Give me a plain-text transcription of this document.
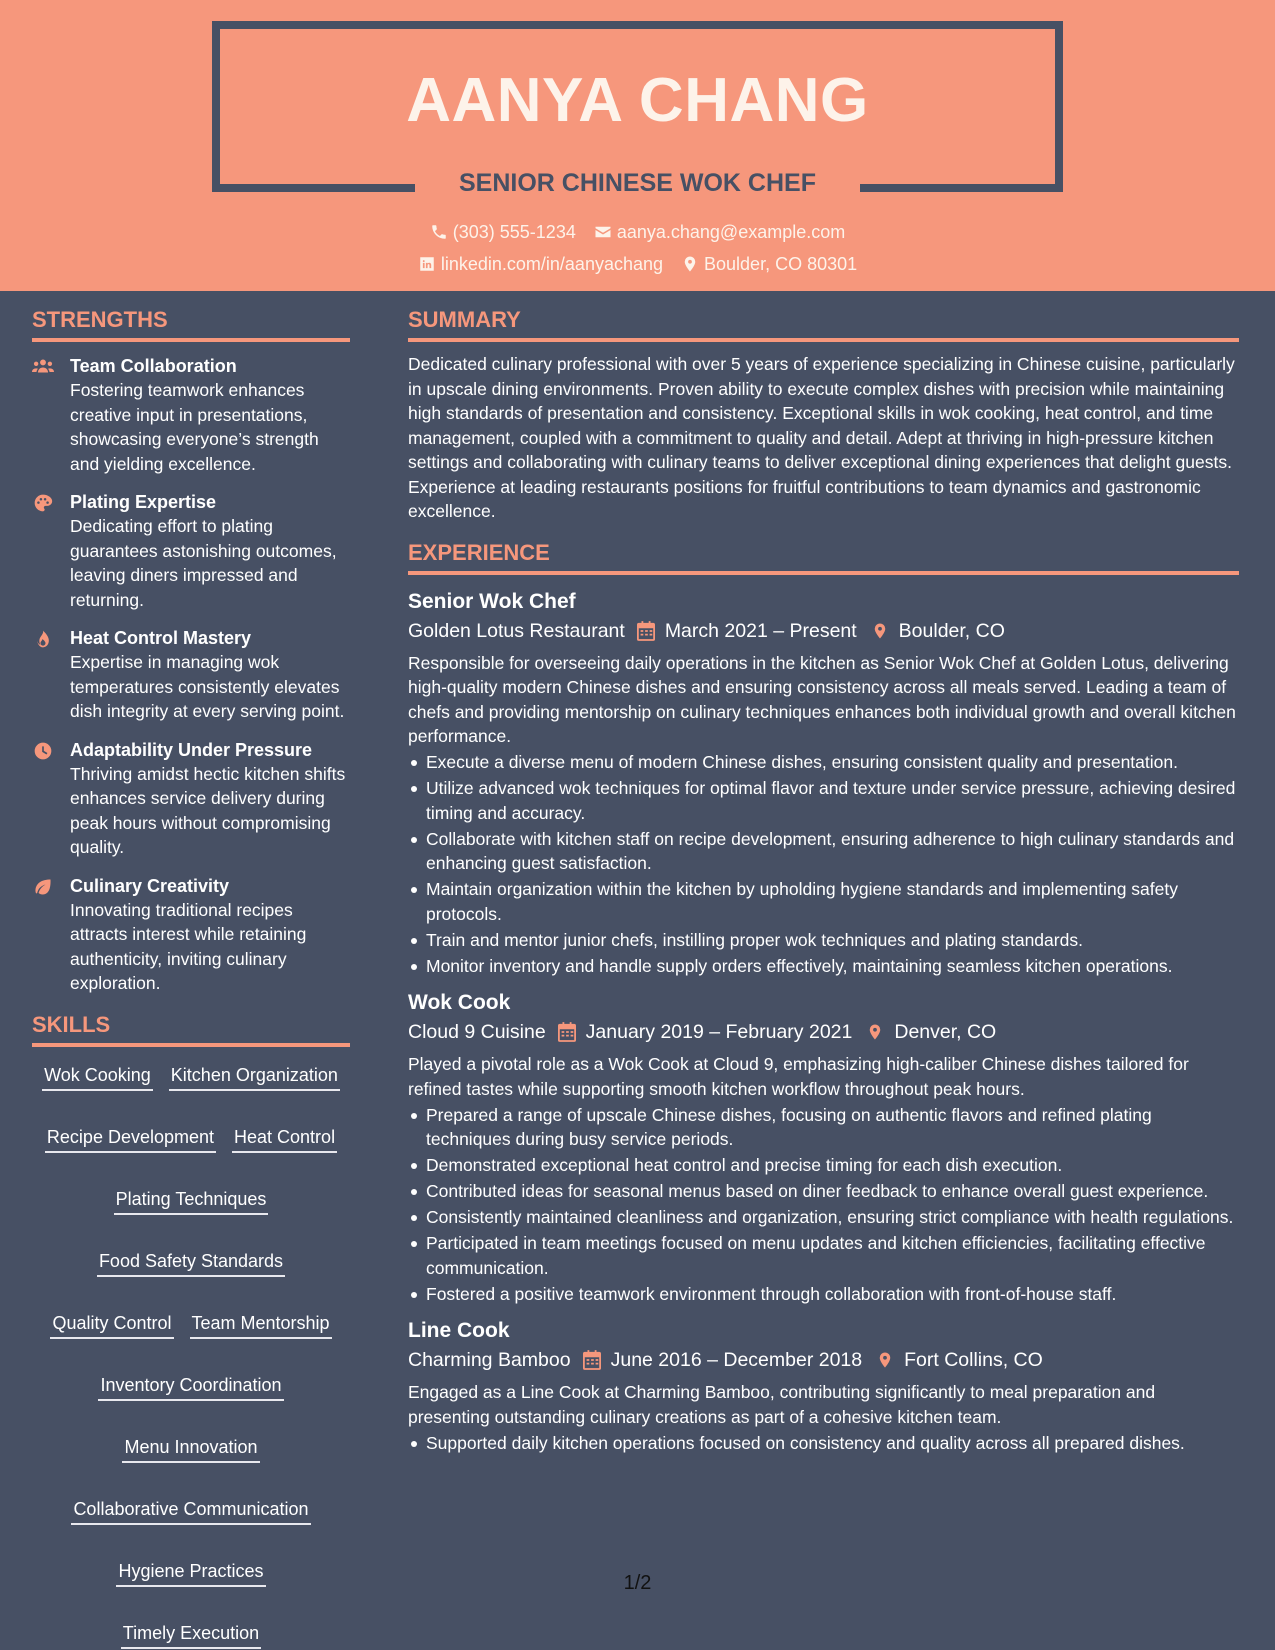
AANYA CHANG
SENIOR CHINESE WOK CHEF
(303) 555-1234 aanya.chang@example.com
linkedin.com/in/aanyachang Boulder, CO 80301
STRENGTHS
Team Collaboration
Fostering teamwork enhances creative input in presentations, showcasing everyone’s strength and yielding excellence.
Plating Expertise
Dedicating effort to plating guarantees astonishing outcomes, leaving diners impressed and returning.
Heat Control Mastery
Expertise in managing wok temperatures consistently elevates dish integrity at every serving point.
Adaptability Under Pressure
Thriving amidst hectic kitchen shifts enhances service delivery during peak hours without compromising quality.
Culinary Creativity
Innovating traditional recipes attracts interest while retaining authenticity, inviting culinary exploration.
SKILLS
Wok Cooking Kitchen Organization
Recipe Development Heat Control
Plating Techniques
Food Safety Standards
Quality Control Team Mentorship
Inventory Coordination
Menu Innovation
Collaborative Communication
Hygiene Practices
Timely Execution
SUMMARY
Dedicated culinary professional with over 5 years of experience specializing in Chinese cuisine, particularly in upscale dining environments. Proven ability to execute complex dishes with precision while maintaining high standards of presentation and consistency. Exceptional skills in wok cooking, heat control, and time management, coupled with a commitment to quality and detail. Adept at thriving in high-pressure kitchen settings and collaborating with culinary teams to deliver exceptional dining experiences that delight guests. Experience at leading restaurants positions for fruitful contributions to team dynamics and gastronomic excellence.
EXPERIENCE
Senior Wok Chef
Golden Lotus Restaurant March 2021 – Present Boulder, CO
Responsible for overseeing daily operations in the kitchen as Senior Wok Chef at Golden Lotus, delivering high-quality modern Chinese dishes and ensuring consistency across all meals served. Leading a team of chefs and providing mentorship on culinary techniques enhances both individual growth and overall kitchen performance.
Execute a diverse menu of modern Chinese dishes, ensuring consistent quality and presentation.
Utilize advanced wok techniques for optimal flavor and texture under service pressure, achieving desired timing and accuracy.
Collaborate with kitchen staff on recipe development, ensuring adherence to high culinary standards and enhancing guest satisfaction.
Maintain organization within the kitchen by upholding hygiene standards and implementing safety protocols.
Train and mentor junior chefs, instilling proper wok techniques and plating standards.
Monitor inventory and handle supply orders effectively, maintaining seamless kitchen operations.
Wok Cook
Cloud 9 Cuisine January 2019 – February 2021 Denver, CO
Played a pivotal role as a Wok Cook at Cloud 9, emphasizing high-caliber Chinese dishes tailored for refined tastes while supporting smooth kitchen workflow throughout peak hours.
Prepared a range of upscale Chinese dishes, focusing on authentic flavors and refined plating techniques during busy service periods.
Demonstrated exceptional heat control and precise timing for each dish execution.
Contributed ideas for seasonal menus based on diner feedback to enhance overall guest experience.
Consistently maintained cleanliness and organization, ensuring strict compliance with health regulations.
Participated in team meetings focused on menu updates and kitchen efficiencies, facilitating effective communication.
Fostered a positive teamwork environment through collaboration with front-of-house staff.
Line Cook
Charming Bamboo June 2016 – December 2018 Fort Collins, CO
Engaged as a Line Cook at Charming Bamboo, contributing significantly to meal preparation and presenting outstanding culinary creations as part of a cohesive kitchen team.
Supported daily kitchen operations focused on consistency and quality across all prepared dishes.
1/2
